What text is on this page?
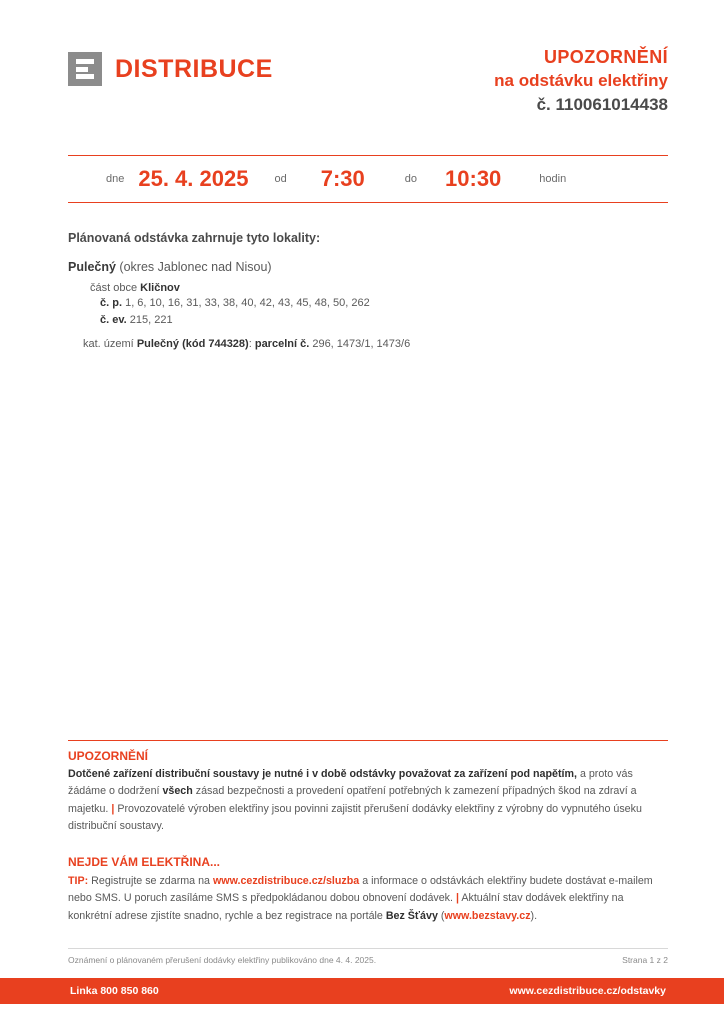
DISTRIBUCE	UPOZORNĚNÍ
na odstávku elektřiny
č. 110061014438
dne 25. 4. 2025 od 7:30	do 10:30	hodin
Plánovaná odstávka zahrnuje tyto lokality:
Pulečný (okres Jablonec nad Nisou)
část obce Kličnov
č. p. 1, 6, 10, 16, 31, 33, 38, 40, 42, 43, 45, 48, 50, 262
č. ev. 215, 221
kat. území Pulečný (kód 744328): parcelní č. 296, 1473/1, 1473/6
UPOZORNĚNÍ
Dotčené zařízení distribuční soustavy je nutné i v době odstávky považovat za zařízení pod napětím, a proto vás žádáme o dodržení všech zásad bezpečnosti a provedení opatření potřebných k zamezení případných škod na zdraví a majetku. | Provozovatelé výroben elektřiny jsou povinni zajistit přerušení dodávky elektřiny z výrobny do vypnutého úseku distribuční soustavy.
NEJDE VÁM ELEKTŘINA...
TIP: Registrujte se zdarma na www.cezdistribuce.cz/sluzba a informace o odstávkách elektřiny budete dostávat e-mailem nebo SMS. U poruch zasíláme SMS s předpokládanou dobou obnovení dodávek. | Aktuální stav dodávek elektřiny na konkrétní adrese zjistíte snadno, rychle a bez registrace na portále Bez Šťávy (www.bezstavy.cz).
Oznámení o plánovaném přerušení dodávky elektřiny publikováno dne 4. 4. 2025.	Strana 1 z 2
Linka 800 850 860	www.cezdistribuce.cz/odstavky
